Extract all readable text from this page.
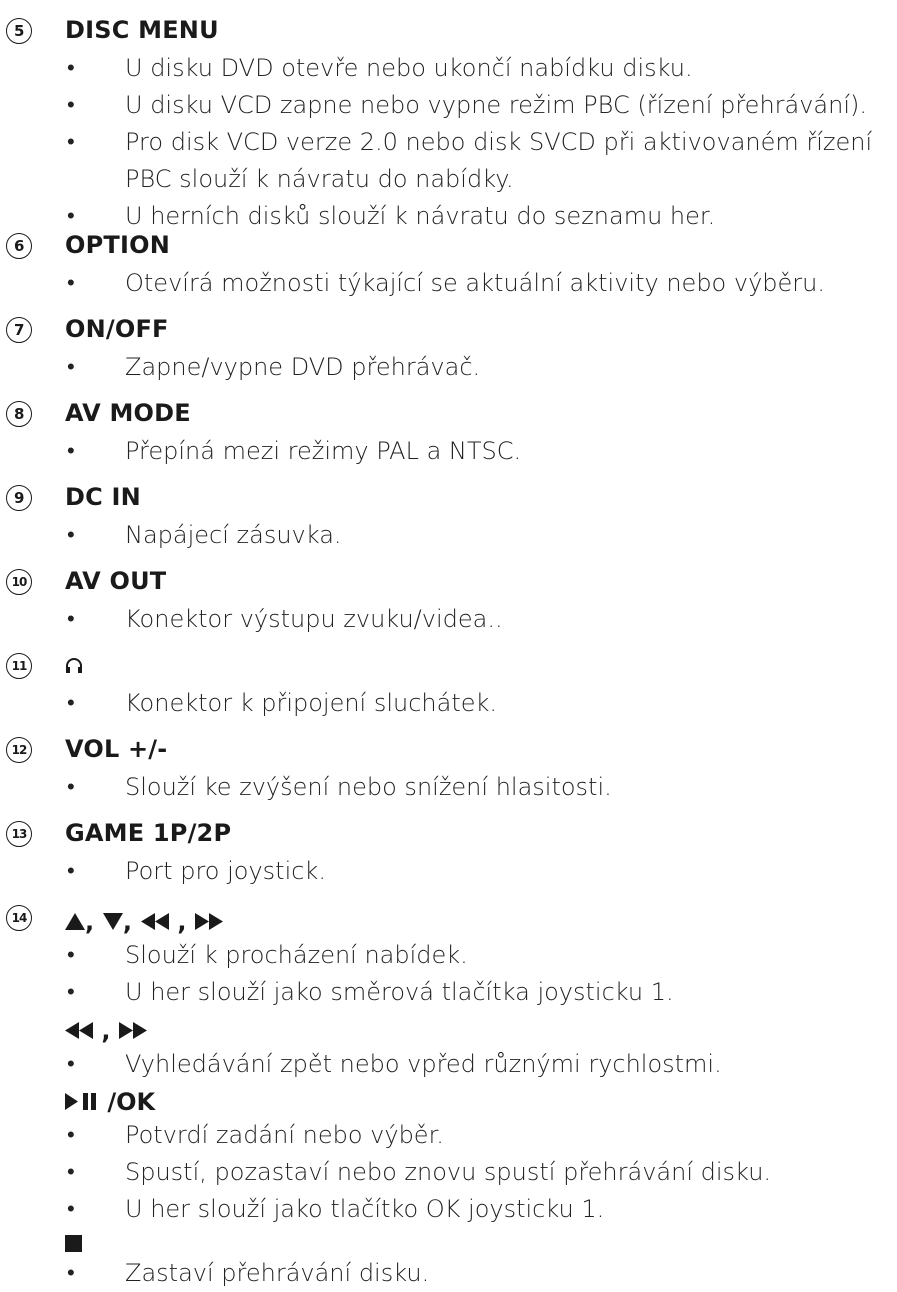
5	DISC MENU
• U disku DVD otevře nebo ukončí nabídku disku.
• U disku VCD zapne nebo vypne režim PBC (řízení přehrávání).
• Pro disk VCD verze 2.0 nebo disk SVCD při aktivovaném řízení PBC slouží k návratu do nabídky.
• U herních disků slouží k návratu do seznamu her.
6	OPTION
• Otevírá možnosti týkající se aktuální aktivity nebo výběru.
7	ON/OFF
• Zapne/vypne DVD přehrávač.
8	AV MODE
• Přepíná mezi režimy PAL a NTSC.
9	DC IN
• Napájecí zásuvka.
10 AV OUT
• Konektor výstupu zvuku/videa..
11
• Konektor k připojení sluchátek.
12 VOL +/-
• Slouží ke zvýšení nebo snížení hlasitosti.
13 GAME 1P/2P
• Port pro joystick.
14	, , ,
• Slouží k procházení nabídek.
• U her slouží jako směrová tlačítka joysticku 1.
,
• Vyhledávání zpět nebo vpřed různými rychlostmi.
/OK
• Potvrdí zadání nebo výběr.
• Spustí, pozastaví nebo znovu spustí přehrávání disku.
• U her slouží jako tlačítko OK joysticku 1.
• Zastaví přehrávání disku.
